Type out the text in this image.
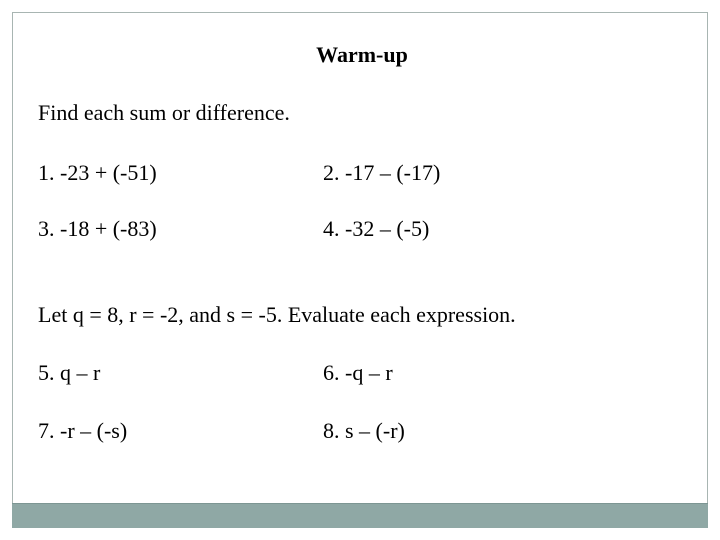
Warm-up
Find each sum or difference.
1. -23 + (-51)	2. -17 – (-17)
3. -18 + (-83)	4. -32 – (-5)
Let q = 8, r = -2, and s = -5. Evaluate each expression.
5. q – r	6. -q – r
7. -r – (-s)	8. s – (-r)
